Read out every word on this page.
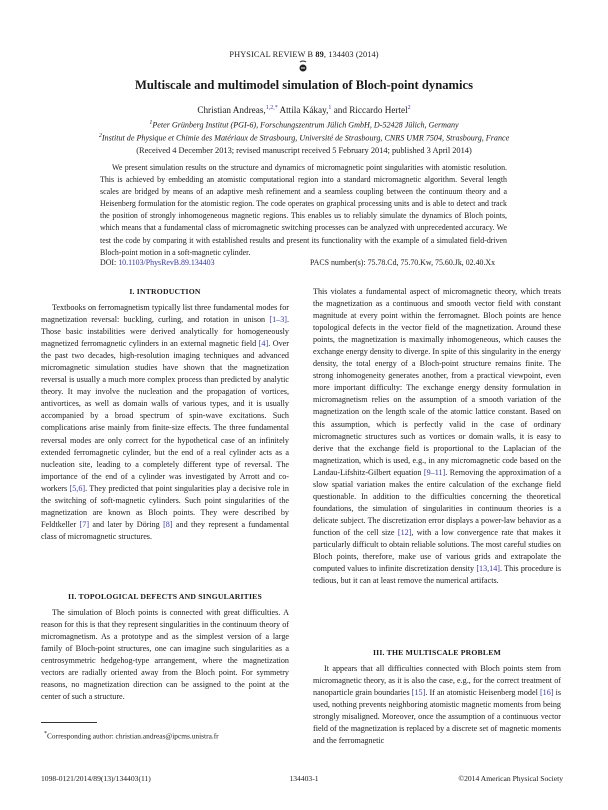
PHYSICAL REVIEW B 89, 134403 (2014)
Multiscale and multimodel simulation of Bloch-point dynamics
Christian Andreas,$^{1,2,*}$ Attila Kákay,$^1$ and Riccardo Hertel$^2$
$^1$Peter Grünberg Institut (PGI-6), Forschungszentrum Jülich GmbH, D-52428 Jülich, Germany
$^2$Institut de Physique et Chimie des Matériaux de Strasbourg, Université de Strasbourg, CNRS UMR 7504, Strasbourg, France
(Received 4 December 2013; revised manuscript received 5 February 2014; published 3 April 2014)

We present simulation results on the structure and dynamics of micromagnetic point singularities with atomistic resolution. This is achieved by embedding an atomistic computational region into a standard micromagnetic algorithm. Several length scales are bridged by means of an adaptive mesh refinement and a seamless coupling between the continuum theory and a Heisenberg formulation for the atomistic region. The code operates on graphical processing units and is able to detect and track the position of strongly inhomogeneous magnetic regions. This enables us to reliably simulate the dynamics of Bloch points, which means that a fundamental class of micromagnetic switching processes can be analyzed with unprecedented accuracy. We test the code by comparing it with established results and present its functionality with the example of a simulated field-driven Bloch-point motion in a soft-magnetic cylinder.

DOI: 10.1103/PhysRevB.89.134403	PACS number(s): 75.78.Cd, 75.70.Kw, 75.60.Jk, 02.40.Xx
I. INTRODUCTION

Textbooks on ferromagnetism typically list three fundamental modes for magnetization reversal: buckling, curling, and rotation in unison [1–3]. Those basic instabilities were derived analytically for homogeneously magnetized ferromagnetic cylinders in an external magnetic field [4]. Over the past two decades, high-resolution imaging techniques and advanced micromagnetic simulation studies have shown that the magnetization reversal is usually a much more complex process than predicted by analytic theory. It may involve the nucleation and the propagation of vortices, antivortices, as well as domain walls of various types, and it is usually accompanied by a broad spectrum of spin-wave excitations. Such complications arise mainly from finite-size effects. The three fundamental reversal modes are only correct for the hypothetical case of an infinitely extended ferromagnetic cylinder, but the end of a real cylinder acts as a nucleation site, leading to a completely different type of reversal. The importance of the end of a cylinder was investigated by Arrott and co-workers [5,6]. They predicted that point singularities play a decisive role in the switching of soft-magnetic cylinders. Such point singularities of the magnetization are known as Bloch points. They were described by Feldtkeller [7] and later by Döring [8] and they represent a fundamental class of micromagnetic structures.

II. TOPOLOGICAL DEFECTS AND SINGULARITIES

The simulation of Bloch points is connected with great difficulties. A reason for this is that they represent singularities in the continuum theory of micromagnetism. As a prototype and as the simplest version of a large family of Bloch-point structures, one can imagine such singularities as a centrosymmetric hedgehog-type arrangement, where the magnetization vectors are radially oriented away from the Bloch point. For symmetry reasons, no magnetization direction can be assigned to the point at the center of such a structure.

*Corresponding author: christian.andreas@ipcms.unistra.fr

This violates a fundamental aspect of micromagnetic theory, which treats the magnetization as a continuous and smooth vector field with constant magnitude at every point within the ferromagnet. Bloch points are hence topological defects in the vector field of the magnetization. Around these points, the magnetization is maximally inhomogeneous, which causes the exchange energy density to diverge. In spite of this singularity in the energy density, the total energy of a Bloch-point structure remains finite. The strong inhomogeneity generates another, from a practical viewpoint, even more important difficulty: The exchange energy density formulation in micromagnetism relies on the assumption of a smooth variation of the magnetization on the length scale of the atomic lattice constant. Based on this assumption, which is perfectly valid in the case of ordinary micromagnetic structures such as vortices or domain walls, it is easy to derive that the exchange field is proportional to the Laplacian of the magnetization, which is used, e.g., in any micromagnetic code based on the Landau-Lifshitz-Gilbert equation [9–11]. Removing the approximation of a slow spatial variation makes the entire calculation of the exchange field questionable. In addition to the difficulties concerning the theoretical foundations, the simulation of singularities in continuum theories is a delicate subject. The discretization error displays a power-law behavior as a function of the cell size [12], with a low convergence rate that makes it particularly difficult to obtain reliable solutions. The most careful studies on Bloch points, therefore, make use of various grids and extrapolate the computed values to infinite discretization density [13,14]. This procedure is tedious, but it can at least remove the numerical artifacts.

III. THE MULTISCALE PROBLEM

It appears that all difficulties connected with Bloch points stem from micromagnetic theory, as it is also the case, e.g., for the correct treatment of nanoparticle grain boundaries [15]. If an atomistic Heisenberg model [16] is used, nothing prevents neighboring atomistic magnetic moments from being strongly misaligned. Moreover, once the assumption of a continuous vector field of the magnetization is replaced by a discrete set of magnetic moments and the ferromagnetic

1098-0121/2014/89(13)/134403(11)	134403-1	©2014 American Physical Society
